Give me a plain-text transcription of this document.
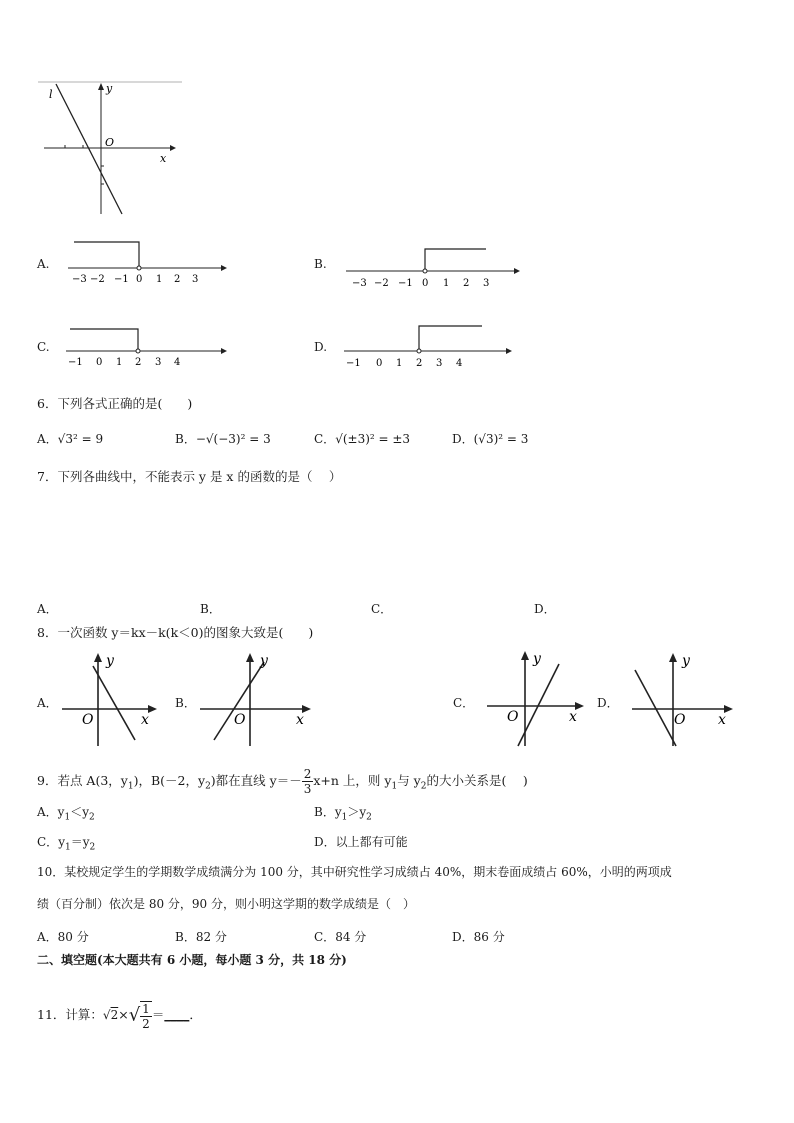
l	y
x
O
A.
−3 −2 −1 0 1 2 3
B.
−3 −2 −1 0 1 2 3
C.
−1 0 1 2 3 4
D.
−1 0 1 2 3 4
6．下列各式正确的是(　　)
A．√3² = 9	B．−√(−3)² = 3	C．√(±3)² = ±3	D．(√3)² = 3
7．下列各曲线中，不能表示 y 是 x 的函数的是（　 ）
A．	B．	C．	D．
8．一次函数 y＝kx－k(k＜0)的图象大致是(　　)
A．
y
O	x
B．
y
O	x
C．
y
O	x
D．
y
O x
9．若点 A(3，$y_1$)，B(－2，$y_2$)都在直线 $y=- \frac{2}{3} x+n$ 上，则 $y_1$与 $y_2$的大小关系是(　 )
A．$y_1<y_2$	B．$y_1>y_2$
C．$y_1=y_2$	D．以上都有可能
10．某校规定学生的学期数学成绩满分为 100 分，其中研究性学习成绩占 40%，期末卷面成绩占 60%，小明的两项成
绩（百分制）依次是 80 分，90 分，则小明这学期的数学成绩是（　）
A．80 分	B．82 分	C．84 分	D．86 分
二、填空题(本大题共有 6 小题，每小题 3 分，共 18 分)
11．计算：$√2\times√ \frac{1}{2}$ ＝____．
